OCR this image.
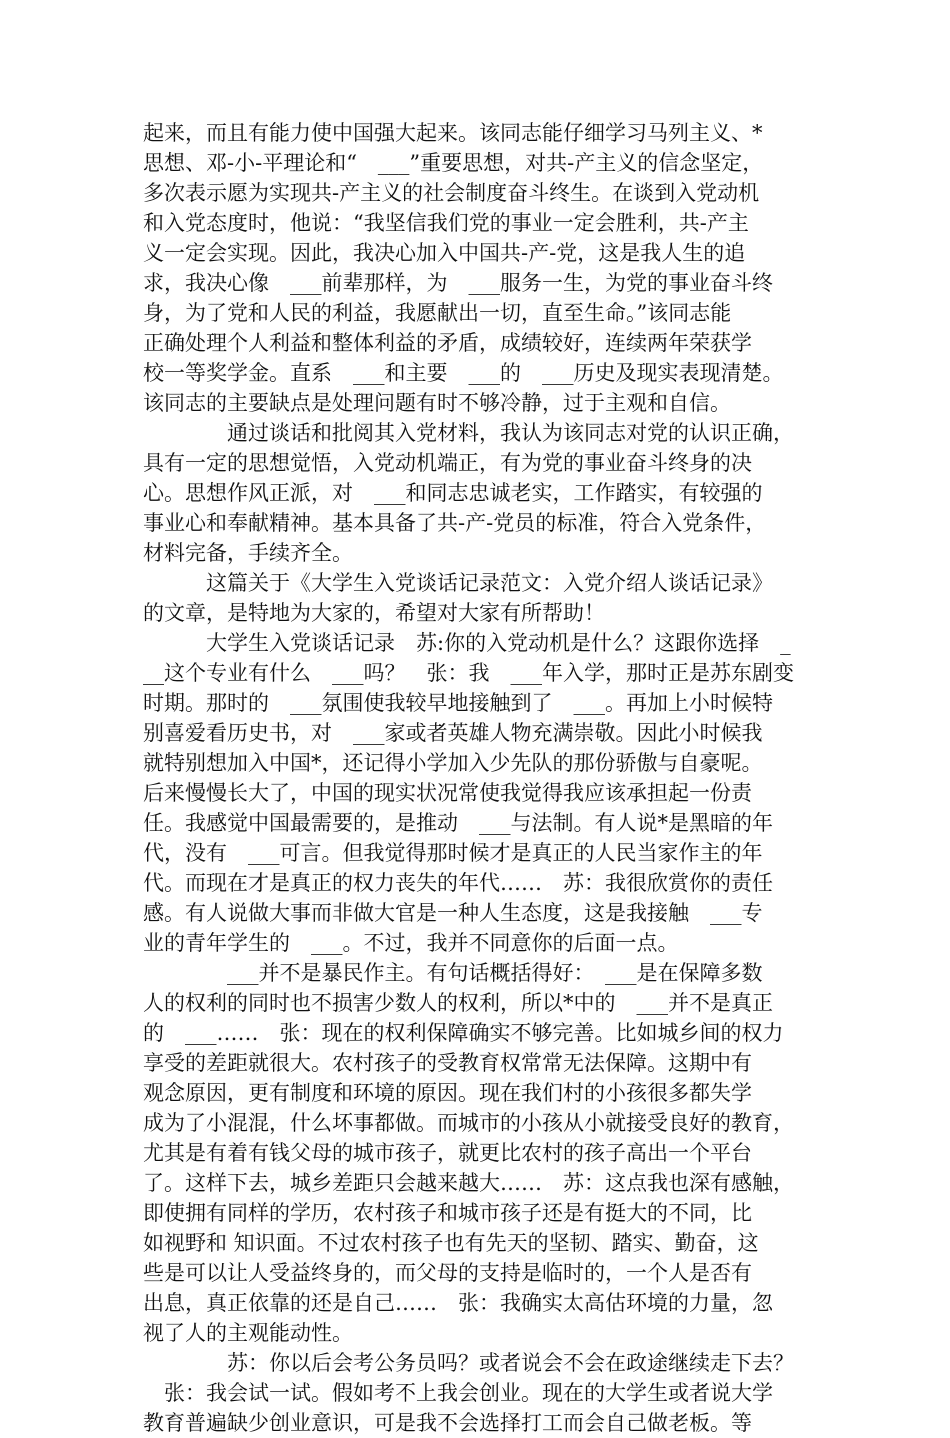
起来，而且有能力使中国强大起来。该同志能仔细学习马列主义、*
思想、邓-小-平理论和“　___”重要思想，对共-产主义的信念坚定，
多次表示愿为实现共-产主义的社会制度奋斗终生。在谈到入党动机
和入党态度时，他说：“我坚信我们党的事业一定会胜利，共-产主
义一定会实现。因此，我决心加入中国共-产-党，这是我人生的追
求，我决心像　___前辈那样，为　___服务一生，为党的事业奋斗终
身，为了党和人民的利益，我愿献出一切，直至生命。”该同志能
正确处理个人利益和整体利益的矛盾，成绩较好，连续两年荣获学
校一等奖学金。直系　___和主要　___的　___历史及现实表现清楚。
该同志的主要缺点是处理问题有时不够冷静，过于主观和自信。
　　　　通过谈话和批阅其入党材料，我认为该同志对党的认识正确，
具有一定的思想觉悟，入党动机端正，有为党的事业奋斗终身的决
心。思想作风正派，对　___和同志忠诚老实，工作踏实，有较强的
事业心和奉献精神。基本具备了共-产-党员的标准，符合入党条件，
材料完备，手续齐全。
　　　这篇关于《大学生入党谈话记录范文：入党介绍人谈话记录》
的文章，是特地为大家的，希望对大家有所帮助！
　　　大学生入党谈话记录　苏:你的入党动机是什么？这跟你选择　_
__这个专业有什么　___吗？　张：我　___年入学，那时正是苏东剧变
时期。那时的　___氛围使我较早地接触到了　___。再加上小时候特
别喜爱看历史书，对　___家或者英雄人物充满崇敬。因此小时候我
就特别想加入中国*，还记得小学加入少先队的那份骄傲与自豪呢。
后来慢慢长大了，中国的现实状况常使我觉得我应该承担起一份责
任。我感觉中国最需要的，是推动　___与法制。有人说*是黑暗的年
代，没有　___可言。但我觉得那时候才是真正的人民当家作主的年
代。而现在才是真正的权力丧失的年代……　苏：我很欣赏你的责任
感。有人说做大事而非做大官是一种人生态度，这是我接触　___专
业的青年学生的　___。不过，我并不同意你的后面一点。
　　　　___并不是暴民作主。有句话概括得好：　___是在保障多数
人的权利的同时也不损害少数人的权利，所以*中的　___并不是真正
的　___……　张：现在的权利保障确实不够完善。比如城乡间的权力
享受的差距就很大。农村孩子的受教育权常常无法保障。这期中有
观念原因，更有制度和环境的原因。现在我们村的小孩很多都失学
成为了小混混，什么坏事都做。而城市的小孩从小就接受良好的教育，
尤其是有着有钱父母的城市孩子，就更比农村的孩子高出一个平台
了。这样下去，城乡差距只会越来越大……　苏：这点我也深有感触，
即使拥有同样的学历，农村孩子和城市孩子还是有挺大的不同，比
如视野和 知识面。不过农村孩子也有先天的坚韧、踏实、勤奋，这
些是可以让人受益终身的，而父母的支持是临时的，一个人是否有
出息，真正依靠的还是自己……　张：我确实太高估环境的力量，忽
视了人的主观能动性。
　　　　苏：你以后会考公务员吗？或者说会不会在政途继续走下去？
　张：我会试一试。假如考不上我会创业。现在的大学生或者说大学
教育普遍缺少创业意识，可是我不会选择打工而会自己做老板。等
